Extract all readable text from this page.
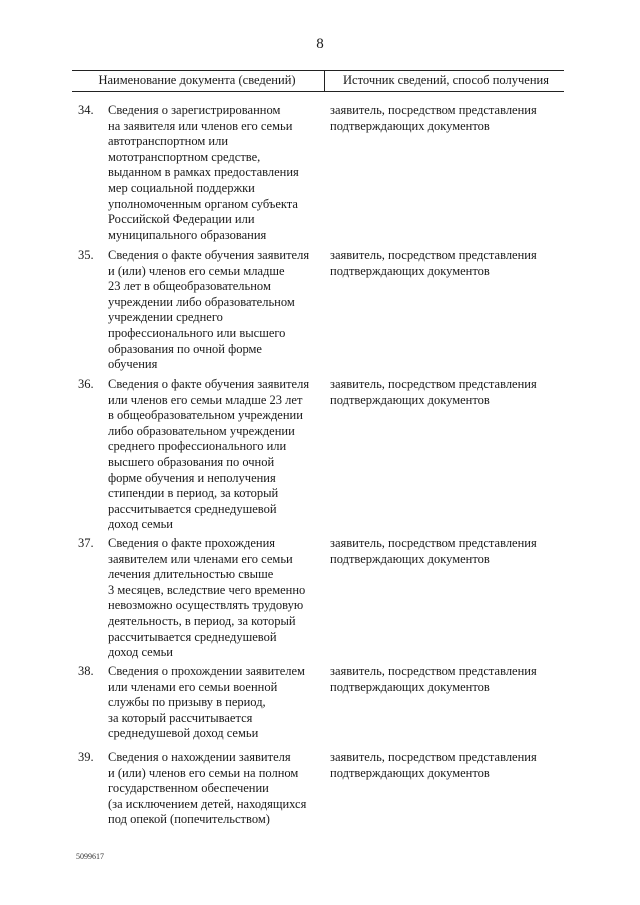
8
Наименование документа (сведений)	Источник сведений, способ получения
34. Сведения о зарегистрированном
на заявителя или членов его семьи
автотранспортном или
мототранспортном средстве,
выданном в рамках предоставления
мер социальной поддержки
уполномоченным органом субъекта
Российской Федерации или
муниципального образования
заявитель, посредством представления
подтверждающих документов
35. Сведения о факте обучения заявителя
и (или) членов его семьи младше
23 лет в общеобразовательном
учреждении либо образовательном
учреждении среднего
профессионального или высшего
образования по очной форме
обучения
заявитель, посредством представления
подтверждающих документов
36. Сведения о факте обучения заявителя
или членов его семьи младше 23 лет
в общеобразовательном учреждении
либо образовательном учреждении
среднего профессионального или
высшего образования по очной
форме обучения и неполучения
стипендии в период, за который
рассчитывается среднедушевой
доход семьи
заявитель, посредством представления
подтверждающих документов
37. Сведения о факте прохождения
заявителем или членами его семьи
лечения длительностью свыше
3 месяцев, вследствие чего временно
невозможно осуществлять трудовую
деятельность, в период, за который
рассчитывается среднедушевой
доход семьи
заявитель, посредством представления
подтверждающих документов
38. Сведения о прохождении заявителем
или членами его семьи военной
службы по призыву в период,
за который рассчитывается
среднедушевой доход семьи
заявитель, посредством представления
подтверждающих документов
39. Сведения о нахождении заявителя
и (или) членов его семьи на полном
государственном обеспечении
(за исключением детей, находящихся
под опекой (попечительством)
заявитель, посредством представления
подтверждающих документов
5099617
